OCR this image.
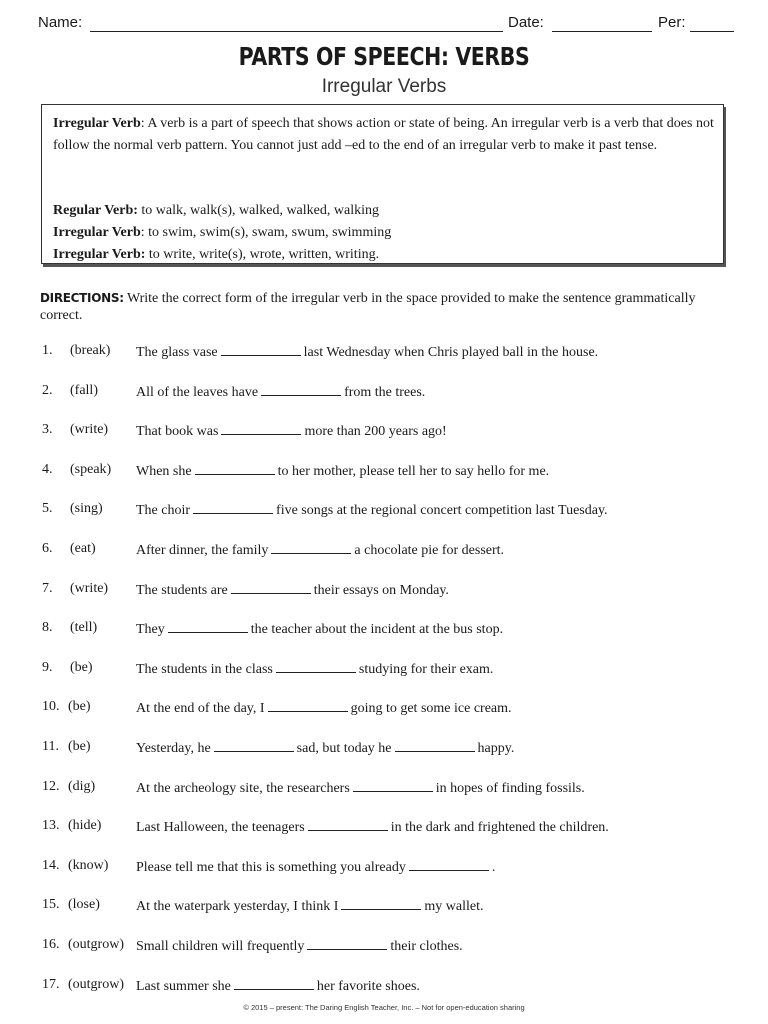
Name:	Date:	Per:
PARTS OF SPEECH: VERBS
Irregular Verbs
Irregular Verb: A verb is a part of speech that shows action or state of being. An irregular verb is a verb that does not follow the normal verb pattern. You cannot just add –ed to the end of an irregular verb to make it past tense.
Regular Verb: to walk, walk(s), walked, walked, walking
Irregular Verb: to swim, swim(s), swam, swum, swimming
Irregular Verb: to write, write(s), wrote, written, writing.
DIRECTIONS: Write the correct form of the irregular verb in the space provided to make the sentence grammatically correct.
1. (break) The glass vase	last Wednesday when Chris played ball in the house.
2. (fall)	All of the leaves have	from the trees.
3. (write) That book was	more than 200 years ago!
4. (speak) When she	to her mother, please tell her to say hello for me.
5. (sing) The choir	five songs at the regional concert competition last Tuesday.
6. (eat)	After dinner, the family	a chocolate pie for dessert.
7. (write) The students are	their essays on Monday.
8. (tell)	They	the teacher about the incident at the bus stop.
9. (be)	The students in the class	studying for their exam.
10. (be)	At the end of the day, I	going to get some ice cream.
11. (be)	Yesterday, he	sad, but today he	happy.
12. (dig)	At the archeology site, the researchers	in hopes of finding fossils.
13. (hide) Last Halloween, the teenagers	in the dark and frightened the children.
14. (know) Please tell me that this is something you already	.
15. (lose)	At the waterpark yesterday, I think I	my wallet.
16. (outgrow) Small children will frequently	their clothes.
17. (outgrow) Last summer she	her favorite shoes.
© 2015 – present: The Daring English Teacher, Inc. – Not for open-education sharing
